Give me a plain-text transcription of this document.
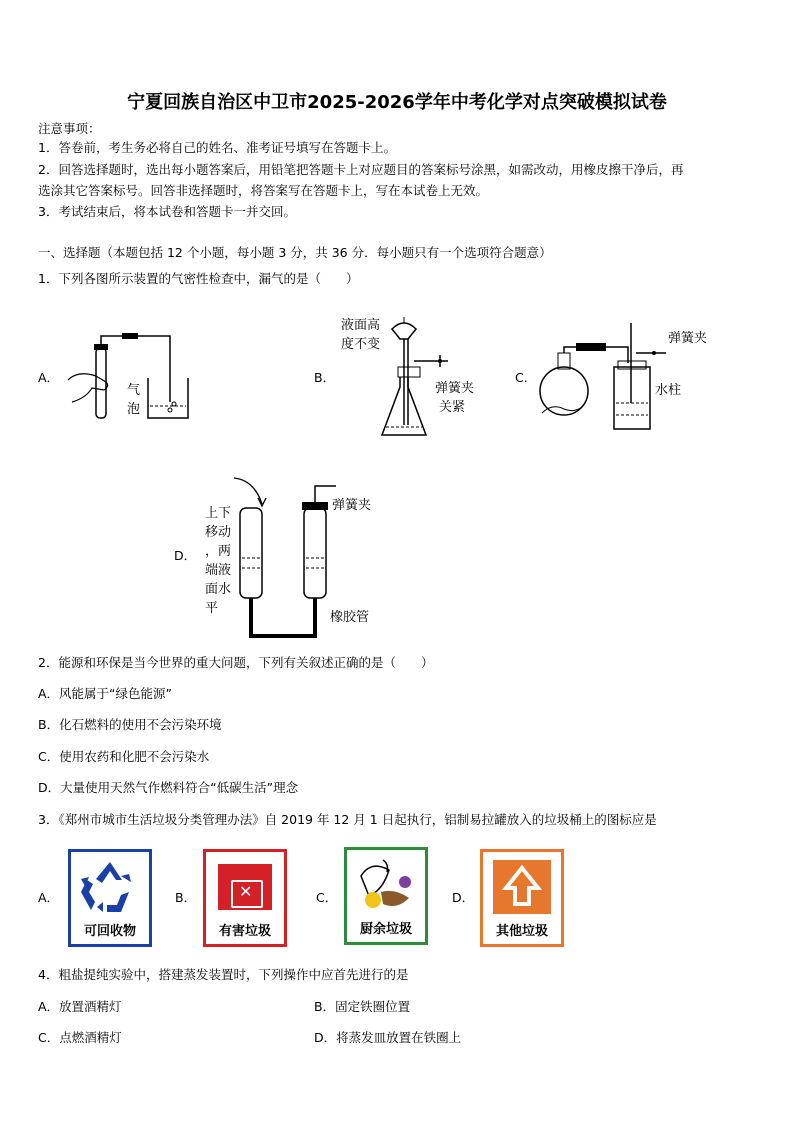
宁夏回族自治区中卫市2025-2026学年中考化学对点突破模拟试卷
注意事项：
1．答卷前，考生务必将自己的姓名、准考证号填写在答题卡上。
2．回答选择题时，选出每小题答案后，用铅笔把答题卡上对应题目的答案标号涂黑，如需改动，用橡皮擦干净后，再
选涂其它答案标号。回答非选择题时，将答案写在答题卡上，写在本试卷上无效。
3．考试结束后，将本试卷和答题卡一并交回。
一、选择题（本题包括 12 个小题，每小题 3 分，共 36 分．每小题只有一个选项符合题意）
1．下列各图所示装置的气密性检查中，漏气的是（　　）
A．
气
泡
B．
液面高
度不变
弹簧夹
关紧
C．
弹簧夹
水柱
D．
上下
移动
，两
端液
面水
平
弹簧夹
橡胶管
2．能源和环保是当今世界的重大问题，下列有关叙述正确的是（　　）
A．风能属于“绿色能源”
B．化石燃料的使用不会污染环境
C．使用农药和化肥不会污染水
D．大量使用天然气作燃料符合“低碳生活”理念
3．《郑州市城市生活垃圾分类管理办法》自 2019 年 12 月 1 日起执行，铝制易拉罐放入的垃圾桶上的图标应是
A．
可回收物
B．	✕
有害垃圾
C．
厨余垃圾
D．
其他垃圾
4．粗盐提纯实验中，搭建蒸发装置时，下列操作中应首先进行的是
A．放置酒精灯	B．固定铁圈位置
C．点燃酒精灯	D．将蒸发皿放置在铁圈上
